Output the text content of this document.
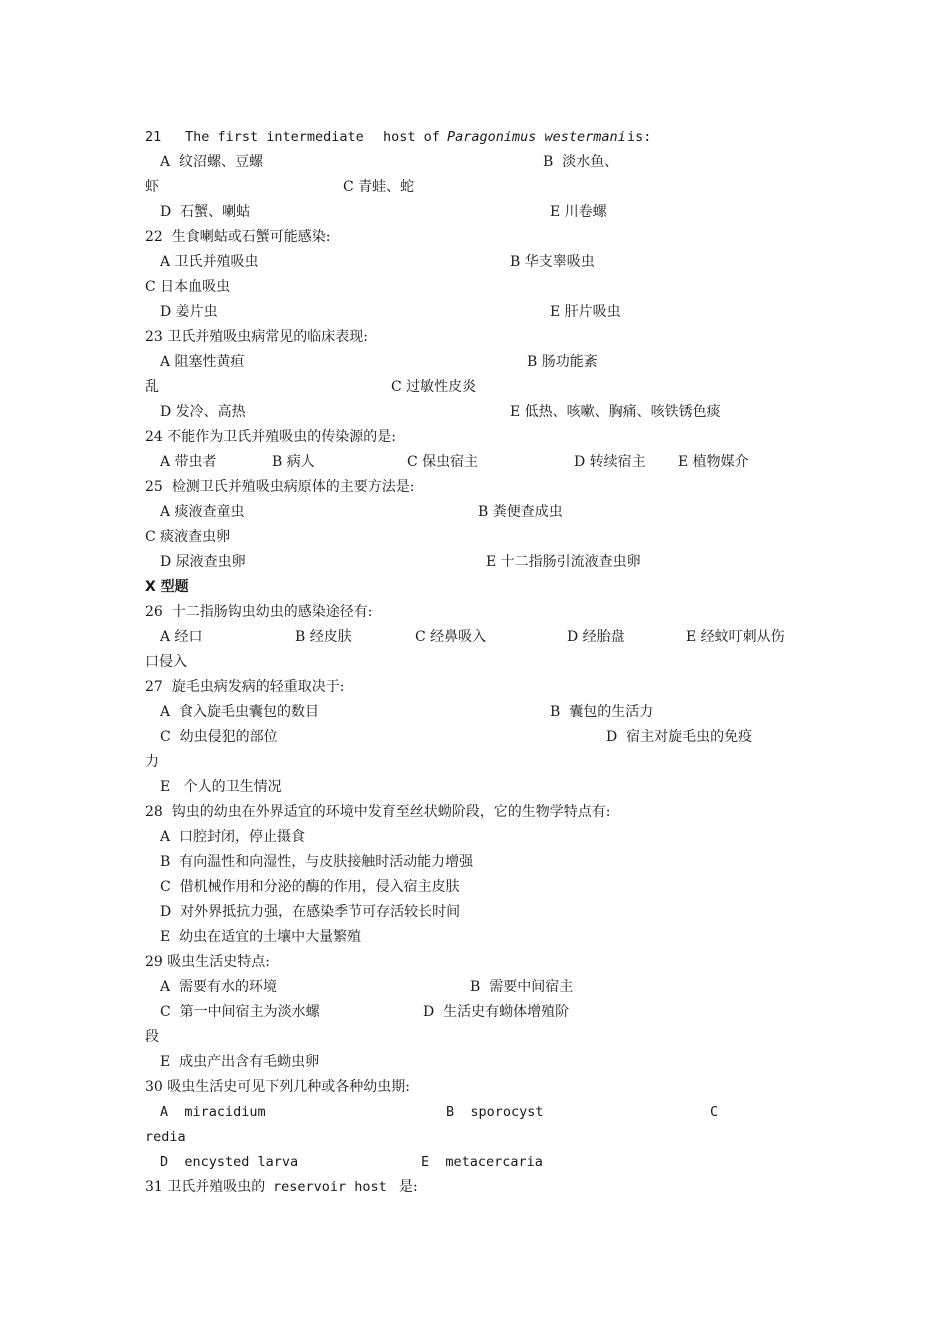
21

The first intermediate

host of

Paragonimus westermani

is:

A  纹沼螺、豆螺

	B  淡水鱼、

虾

	C 青蛙、蛇

D  石蟹、喇蛄

	E 川卷螺

22  生食喇蛄或石蟹可能感染:

A 卫氏并殖吸虫

	B 华支睾吸虫

C 日本血吸虫

D 姜片虫

	E 肝片吸虫

23 卫氏并殖吸虫病常见的临床表现:

A 阻塞性黄疸

	B 肠功能紊

乱

	C 过敏性皮炎

D 发冷、高热

	E 低热、咳嗽、胸痛、咳铁锈色痰

24 不能作为卫氏并殖吸虫的传染源的是:

A 带虫者

	B 病人

	C 保虫宿主

	D 转续宿主

E 植物媒介

25  检测卫氏并殖吸虫病原体的主要方法是:

A 痰液查童虫

	B 粪便查成虫

C 痰液查虫卵

D 尿液查虫卵

	E 十二指肠引流液查虫卵

X 型题

26  十二指肠钩虫幼虫的感染途径有:

A 经口

	B 经皮肤

	C 经鼻吸入

	D 经胎盘

	E 经蚊叮刺从伤

口侵入

27  旋毛虫病发病的轻重取决于:

A  食入旋毛虫囊包的数目

	B  囊包的生活力

C  幼虫侵犯的部位

	D  宿主对旋毛虫的免疫

力

E   个人的卫生情况

28  钩虫的幼虫在外界适宜的环境中发育至丝状蚴阶段，它的生物学特点有:

A  口腔封闭，停止摄食

B  有向温性和向湿性，与皮肤接触时活动能力增强

C  借机械作用和分泌的酶的作用，侵入宿主皮肤

D  对外界抵抗力强，在感染季节可存活较长时间

E  幼虫在适宜的土壤中大量繁殖

29 吸虫生活史特点:

A  需要有水的环境

	B  需要中间宿主

C  第一中间宿主为淡水螺

	D  生活史有蚴体增殖阶

段

E  成虫产出含有毛蚴虫卵

30 吸虫生活史可见下列几种或各种幼虫期:

A  miracidium

	B  sporocyst

	C

redia

D  encysted larva

	E  metacercaria

31 卫氏并殖吸虫的

reservoir host

是:
